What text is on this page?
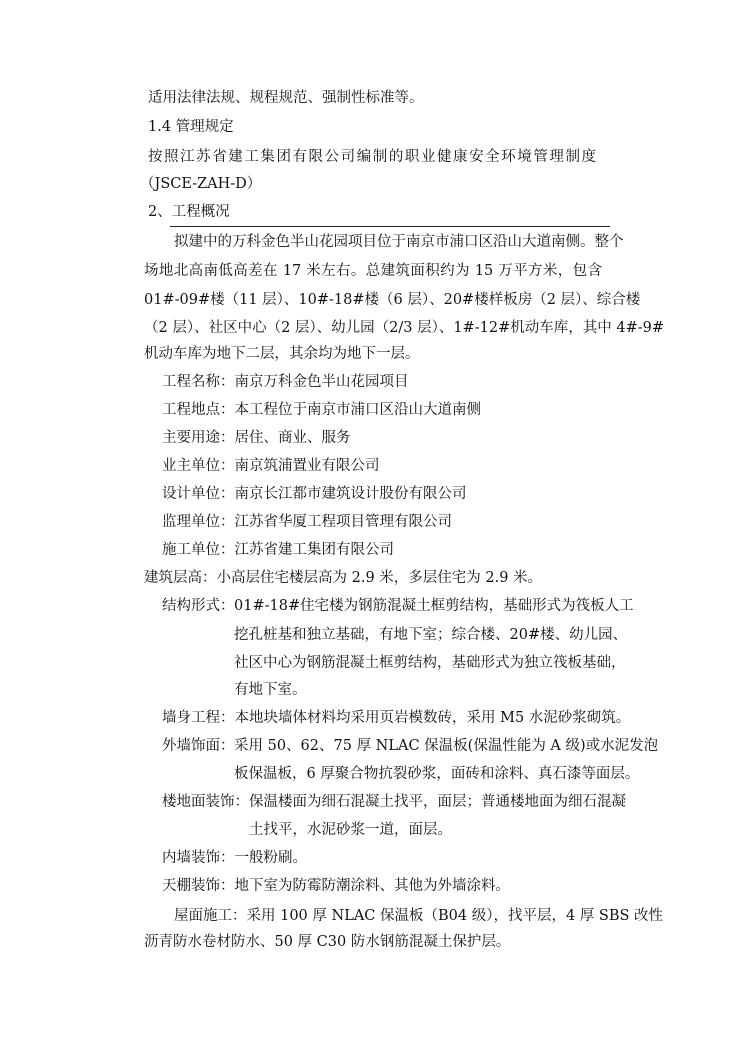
适用法律法规、规程规范、强制性标准等。
1.4 管理规定
按照江苏省建工集团有限公司编制的职业健康安全环境管理制度
（JSCE-ZAH-D）
2、工程概况
拟建中的万科金色半山花园项目位于南京市浦口区沿山大道南侧。整个
场地北高南低高差在 17 米左右。总建筑面积约为 15 万平方米，包含
01#-09#楼（11 层）、10#-18#楼（6 层）、20#楼样板房（2 层）、综合楼
（2 层）、社区中心（2 层）、幼儿园（2/3 层）、1#-12#机动车库，其中 4#-9#
机动车库为地下二层，其余均为地下一层。
工程名称：南京万科金色半山花园项目
工程地点：本工程位于南京市浦口区沿山大道南侧
主要用途：居住、商业、服务
业主单位：南京筑浦置业有限公司
设计单位：南京长江都市建筑设计股份有限公司
监理单位：江苏省华厦工程项目管理有限公司
施工单位：江苏省建工集团有限公司
建筑层高：小高层住宅楼层高为 2.9 米，多层住宅为 2.9 米。
结构形式： 01#-18#住宅楼为钢筋混凝土框剪结构，基础形式为筏板人工
挖孔桩基和独立基础，有地下室；综合楼、20#楼、幼儿园、
社区中心为钢筋混凝土框剪结构，基础形式为独立筏板基础，
有地下室。
墙身工程：本地块墙体材料均采用页岩模数砖，采用 M5 水泥砂浆砌筑。
外墙饰面： 采用 50、62、75 厚 NLAC 保温板(保温性能为 A 级)或水泥发泡
板保温板，6 厚聚合物抗裂砂浆，面砖和涂料、真石漆等面层。
楼地面装饰： 保温楼面为细石混凝土找平，面层；普通楼地面为细石混凝
土找平，水泥砂浆一道，面层。
内墙装饰：一般粉刷。
天棚装饰：地下室为防霉防潮涂料、其他为外墙涂料。
屋面施工：采用 100 厚 NLAC 保温板（B04 级），找平层，4 厚 SBS 改性
沥青防水卷材防水、50 厚 C30 防水钢筋混凝土保护层。
